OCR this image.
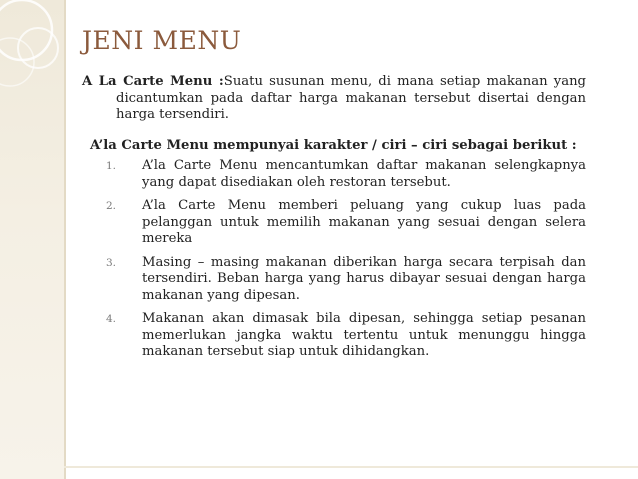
JENI MENU

A La Carte Menu :Suatu susunan menu, di mana setiap makanan yang dicantumkan pada daftar harga makanan tersebut disertai dengan harga tersendiri.

A’la Carte Menu mempunyai karakter / ciri – ciri sebagai berikut :
1. A’la Carte Menu mencantumkan daftar makanan selengkapnya yang dapat disediakan oleh restoran tersebut.
2. A’la Carte Menu memberi peluang yang cukup luas pada pelanggan untuk memilih makanan yang sesuai dengan selera mereka
3. Masing – masing makanan diberikan harga secara terpisah dan tersendiri. Beban harga yang harus dibayar sesuai dengan harga makanan yang dipesan.
4. Makanan akan dimasak bila dipesan, sehingga setiap pesanan memerlukan jangka waktu tertentu untuk menunggu hingga makanan tersebut siap untuk dihidangkan.
